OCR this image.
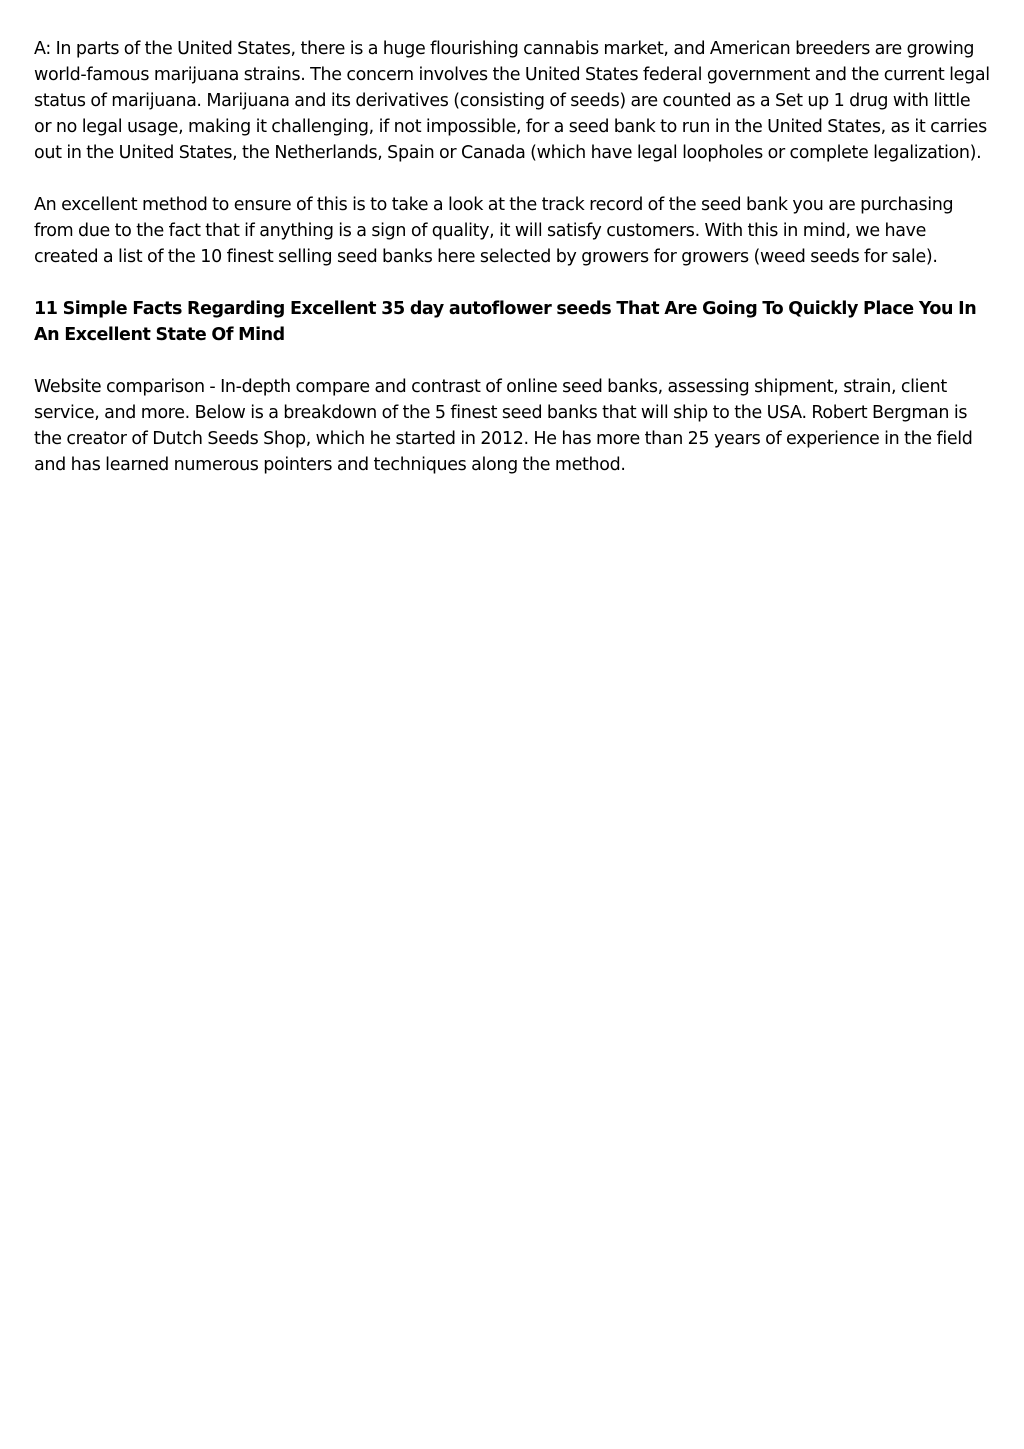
A: In parts of the United States, there is a huge flourishing cannabis market, and American breeders are growing world-famous marijuana strains. The concern involves the United States federal government and the current legal status of marijuana. Marijuana and its derivatives (consisting of seeds) are counted as a Set up 1 drug with little or no legal usage, making it challenging, if not impossible, for a seed bank to run in the United States, as it carries out in the United States, the Netherlands, Spain or Canada (which have legal loopholes or complete legalization).

An excellent method to ensure of this is to take a look at the track record of the seed bank you are purchasing from due to the fact that if anything is a sign of quality, it will satisfy customers. With this in mind, we have created a list of the 10 finest selling seed banks here selected by growers for growers (weed seeds for sale).

11 Simple Facts Regarding Excellent 35 day autoflower seeds That Are Going To Quickly Place You In An Excellent State Of Mind

Website comparison - In-depth compare and contrast of online seed banks, assessing shipment, strain, client service, and more. Below is a breakdown of the 5 finest seed banks that will ship to the USA. Robert Bergman is the creator of Dutch Seeds Shop, which he started in 2012. He has more than 25 years of experience in the field and has learned numerous pointers and techniques along the method.
